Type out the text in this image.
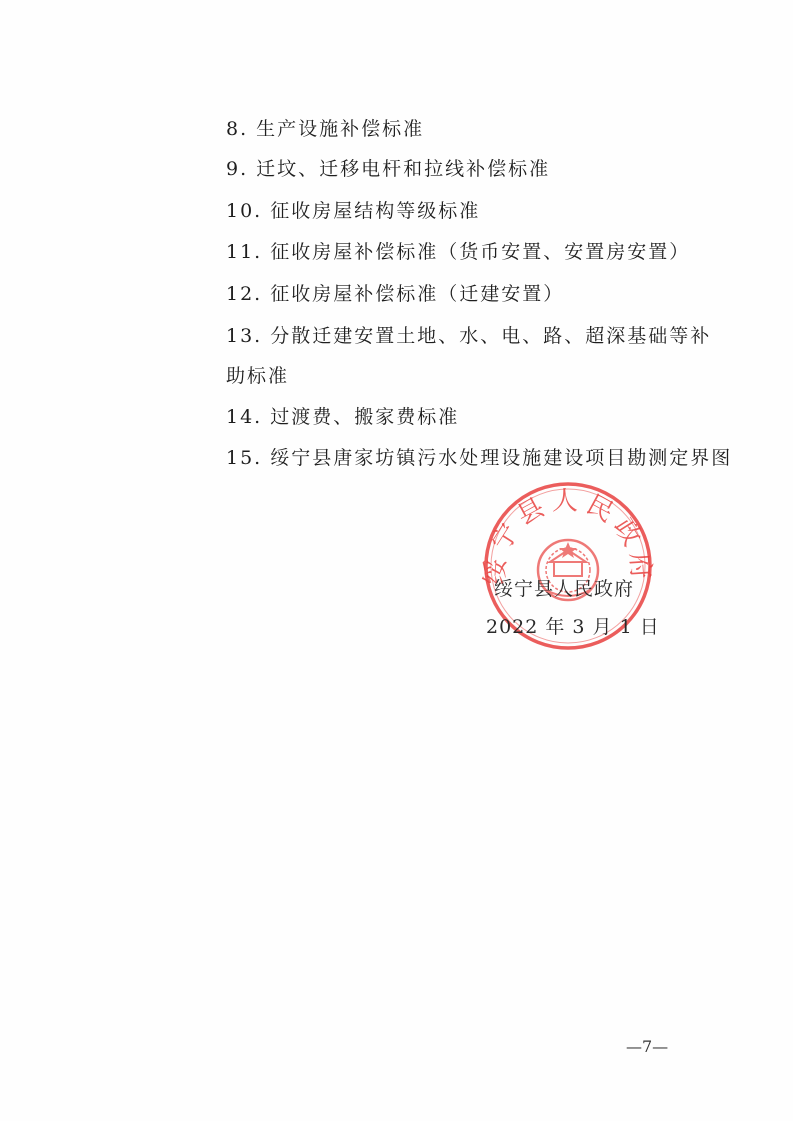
8. 生产设施补偿标准
9. 迁坟、迁移电杆和拉线补偿标准
10. 征收房屋结构等级标准
11. 征收房屋补偿标准（货币安置、安置房安置）
12. 征收房屋补偿标准（迁建安置）
13. 分散迁建安置土地、水、电、路、超深基础等补
助标准
14. 过渡费、搬家费标准
15. 绥宁县唐家坊镇污水处理设施建设项目勘测定界图
绥宁县人民政府
绥宁县人民政府
2022 年 3 月 1 日
—7—
